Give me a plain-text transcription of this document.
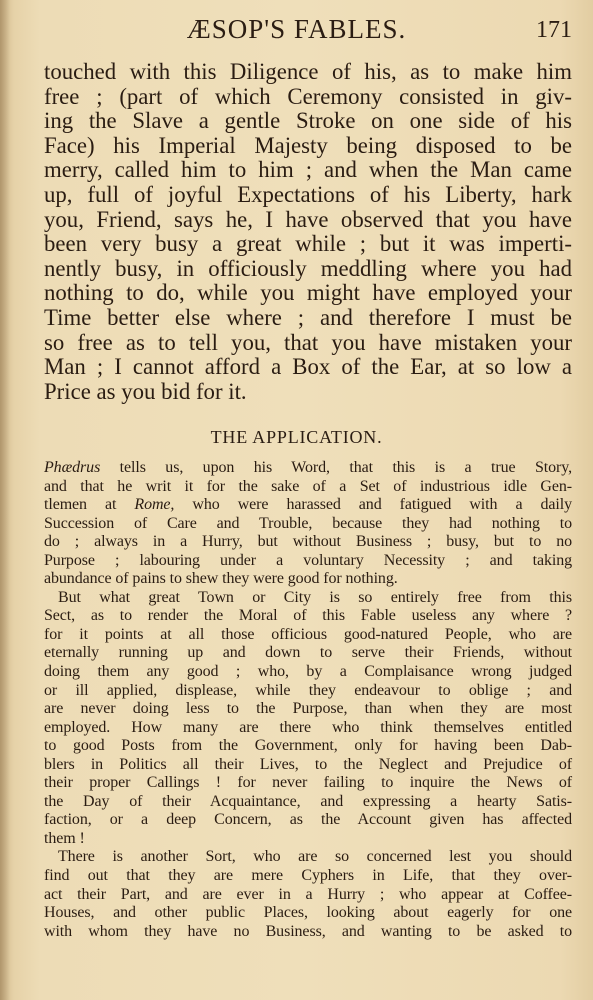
ÆSOP'S FABLES.	171
touched with this Diligence of his, as to make him
free ; (part of which Ceremony consisted in giv-
ing the Slave a gentle Stroke on one side of his
Face) his Imperial Majesty being disposed to be
merry, called him to him ; and when the Man came
up, full of joyful Expectations of his Liberty, hark
you, Friend, says he, I have observed that you have
been very busy a great while ; but it was imperti-
nently busy, in officiously meddling where you had
nothing to do, while you might have employed your
Time better else where ; and therefore I must be
so free as to tell you, that you have mistaken your
Man ; I cannot afford a Box of the Ear, at so low a
Price as you bid for it.
THE APPLICATION.
Phædrus tells us, upon his Word, that this is a true Story,
and that he writ it for the sake of a Set of industrious idle Gen-
tlemen at Rome, who were harassed and fatigued with a daily
Succession of Care and Trouble, because they had nothing to
do ; always in a Hurry, but without Business ; busy, but to no
Purpose ; labouring under a voluntary Necessity ; and taking
abundance of pains to shew they were good for nothing.
But what great Town or City is so entirely free from this
Sect, as to render the Moral of this Fable useless any where ?
for it points at all those officious good-natured People, who are
eternally running up and down to serve their Friends, without
doing them any good ; who, by a Complaisance wrong judged
or ill applied, displease, while they endeavour to oblige ; and
are never doing less to the Purpose, than when they are most
employed. How many are there who think themselves entitled
to good Posts from the Government, only for having been Dab-
blers in Politics all their Lives, to the Neglect and Prejudice of
their proper Callings ! for never failing to inquire the News of
the Day of their Acquaintance, and expressing a hearty Satis-
faction, or a deep Concern, as the Account given has affected
them !
There is another Sort, who are so concerned lest you should
find out that they are mere Cyphers in Life, that they over-
act their Part, and are ever in a Hurry ; who appear at Coffee-
Houses, and other public Places, looking about eagerly for one
with whom they have no Business, and wanting to be asked to
